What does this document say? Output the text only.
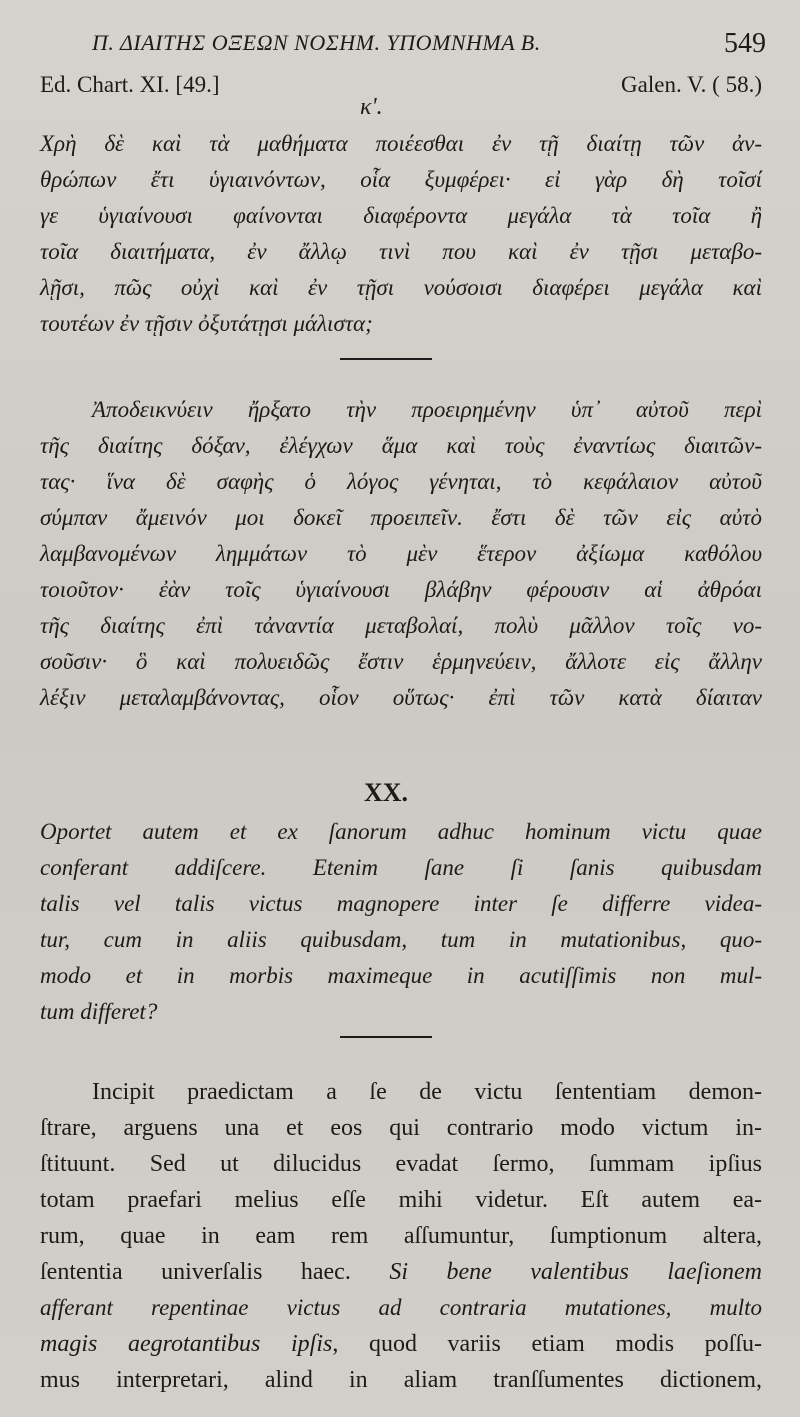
Π. ΔΙΑΙΤΗΣ ΟΞΕΩΝ ΝΟΣΗΜ. ΥΠΟΜΝΗΜΑ Β.	549
Ed. Chart. XI. [49.]	Galen. V. ( 58.)
κ'.
Χρὴ δὲ καὶ τὰ μαθήματα ποιέεσθαι ἐν τῇ διαίτῃ τῶν ἀν-
θρώπων ἔτι ὑγιαινόντων, οἷα ξυμφέρει· εἰ γὰρ δὴ τοῖσί
γε ὑγιαίνουσι φαίνονται διαφέροντα μεγάλα τὰ τοῖα ἢ
τοῖα διαιτήματα, ἐν ἄλλῳ τινὶ που καὶ ἐν τῇσι μεταβο-
λῇσι, πῶς οὐχὶ καὶ ἐν τῇσι νούσοισι διαφέρει μεγάλα καὶ
τουτέων ἐν τῇσιν ὀξυτάτῃσι μάλιστα;
Ἀποδεικνύειν ἤρξατο τὴν προειρημένην ὑπ᾽ αὐτοῦ περὶ
τῆς διαίτης δόξαν, ἐλέγχων ἅμα καὶ τοὺς ἐναντίως διαιτῶν-
τας· ἵνα δὲ σαφὴς ὁ λόγος γένηται, τὸ κεφάλαιον αὐτοῦ
σύμπαν ἄμεινόν μοι δοκεῖ προειπεῖν. ἔστι δὲ τῶν εἰς αὐτὸ
λαμβανομένων λημμάτων τὸ μὲν ἕτερον ἀξίωμα καθόλου
τοιοῦτον· ἐὰν τοῖς ὑγιαίνουσι βλάβην φέρουσιν αἱ ἀθρόαι
τῆς διαίτης ἐπὶ τἀναντία μεταβολαί, πολὺ μᾶλλον τοῖς νο-
σοῦσιν· ὃ καὶ πολυειδῶς ἔστιν ἑρμηνεύειν, ἄλλοτε εἰς ἄλλην
λέξιν μεταλαμβάνοντας, οἷον οὕτως· ἐπὶ τῶν κατὰ δίαιταν
XX.
Oportet autem et ex ſanorum adhuc hominum victu quae
conferant addiſcere. Etenim ſane ſi ſanis quibusdam
talis vel talis victus magnopere inter ſe differre videa-
tur, cum in aliis quibusdam, tum in mutationibus, quo-
modo et in morbis maximeque in acutiſſimis non mul-
tum differet?
Incipit praedictam a ſe de victu ſententiam demon-
ſtrare, arguens una et eos qui contrario modo victum in-
ſtituunt. Sed ut dilucidus evadat ſermo, ſummam ipſius
totam praefari melius eſſe mihi videtur. Eſt autem ea-
rum, quae in eam rem aſſumuntur, ſumptionum altera,
ſententia univerſalis haec. Si bene valentibus laeſionem
afferant repentinae victus ad contraria mutationes, multo
magis aegrotantibus ipſis, quod variis etiam modis poſſu-
mus interpretari, alind in aliam tranſſumentes dictionem,
